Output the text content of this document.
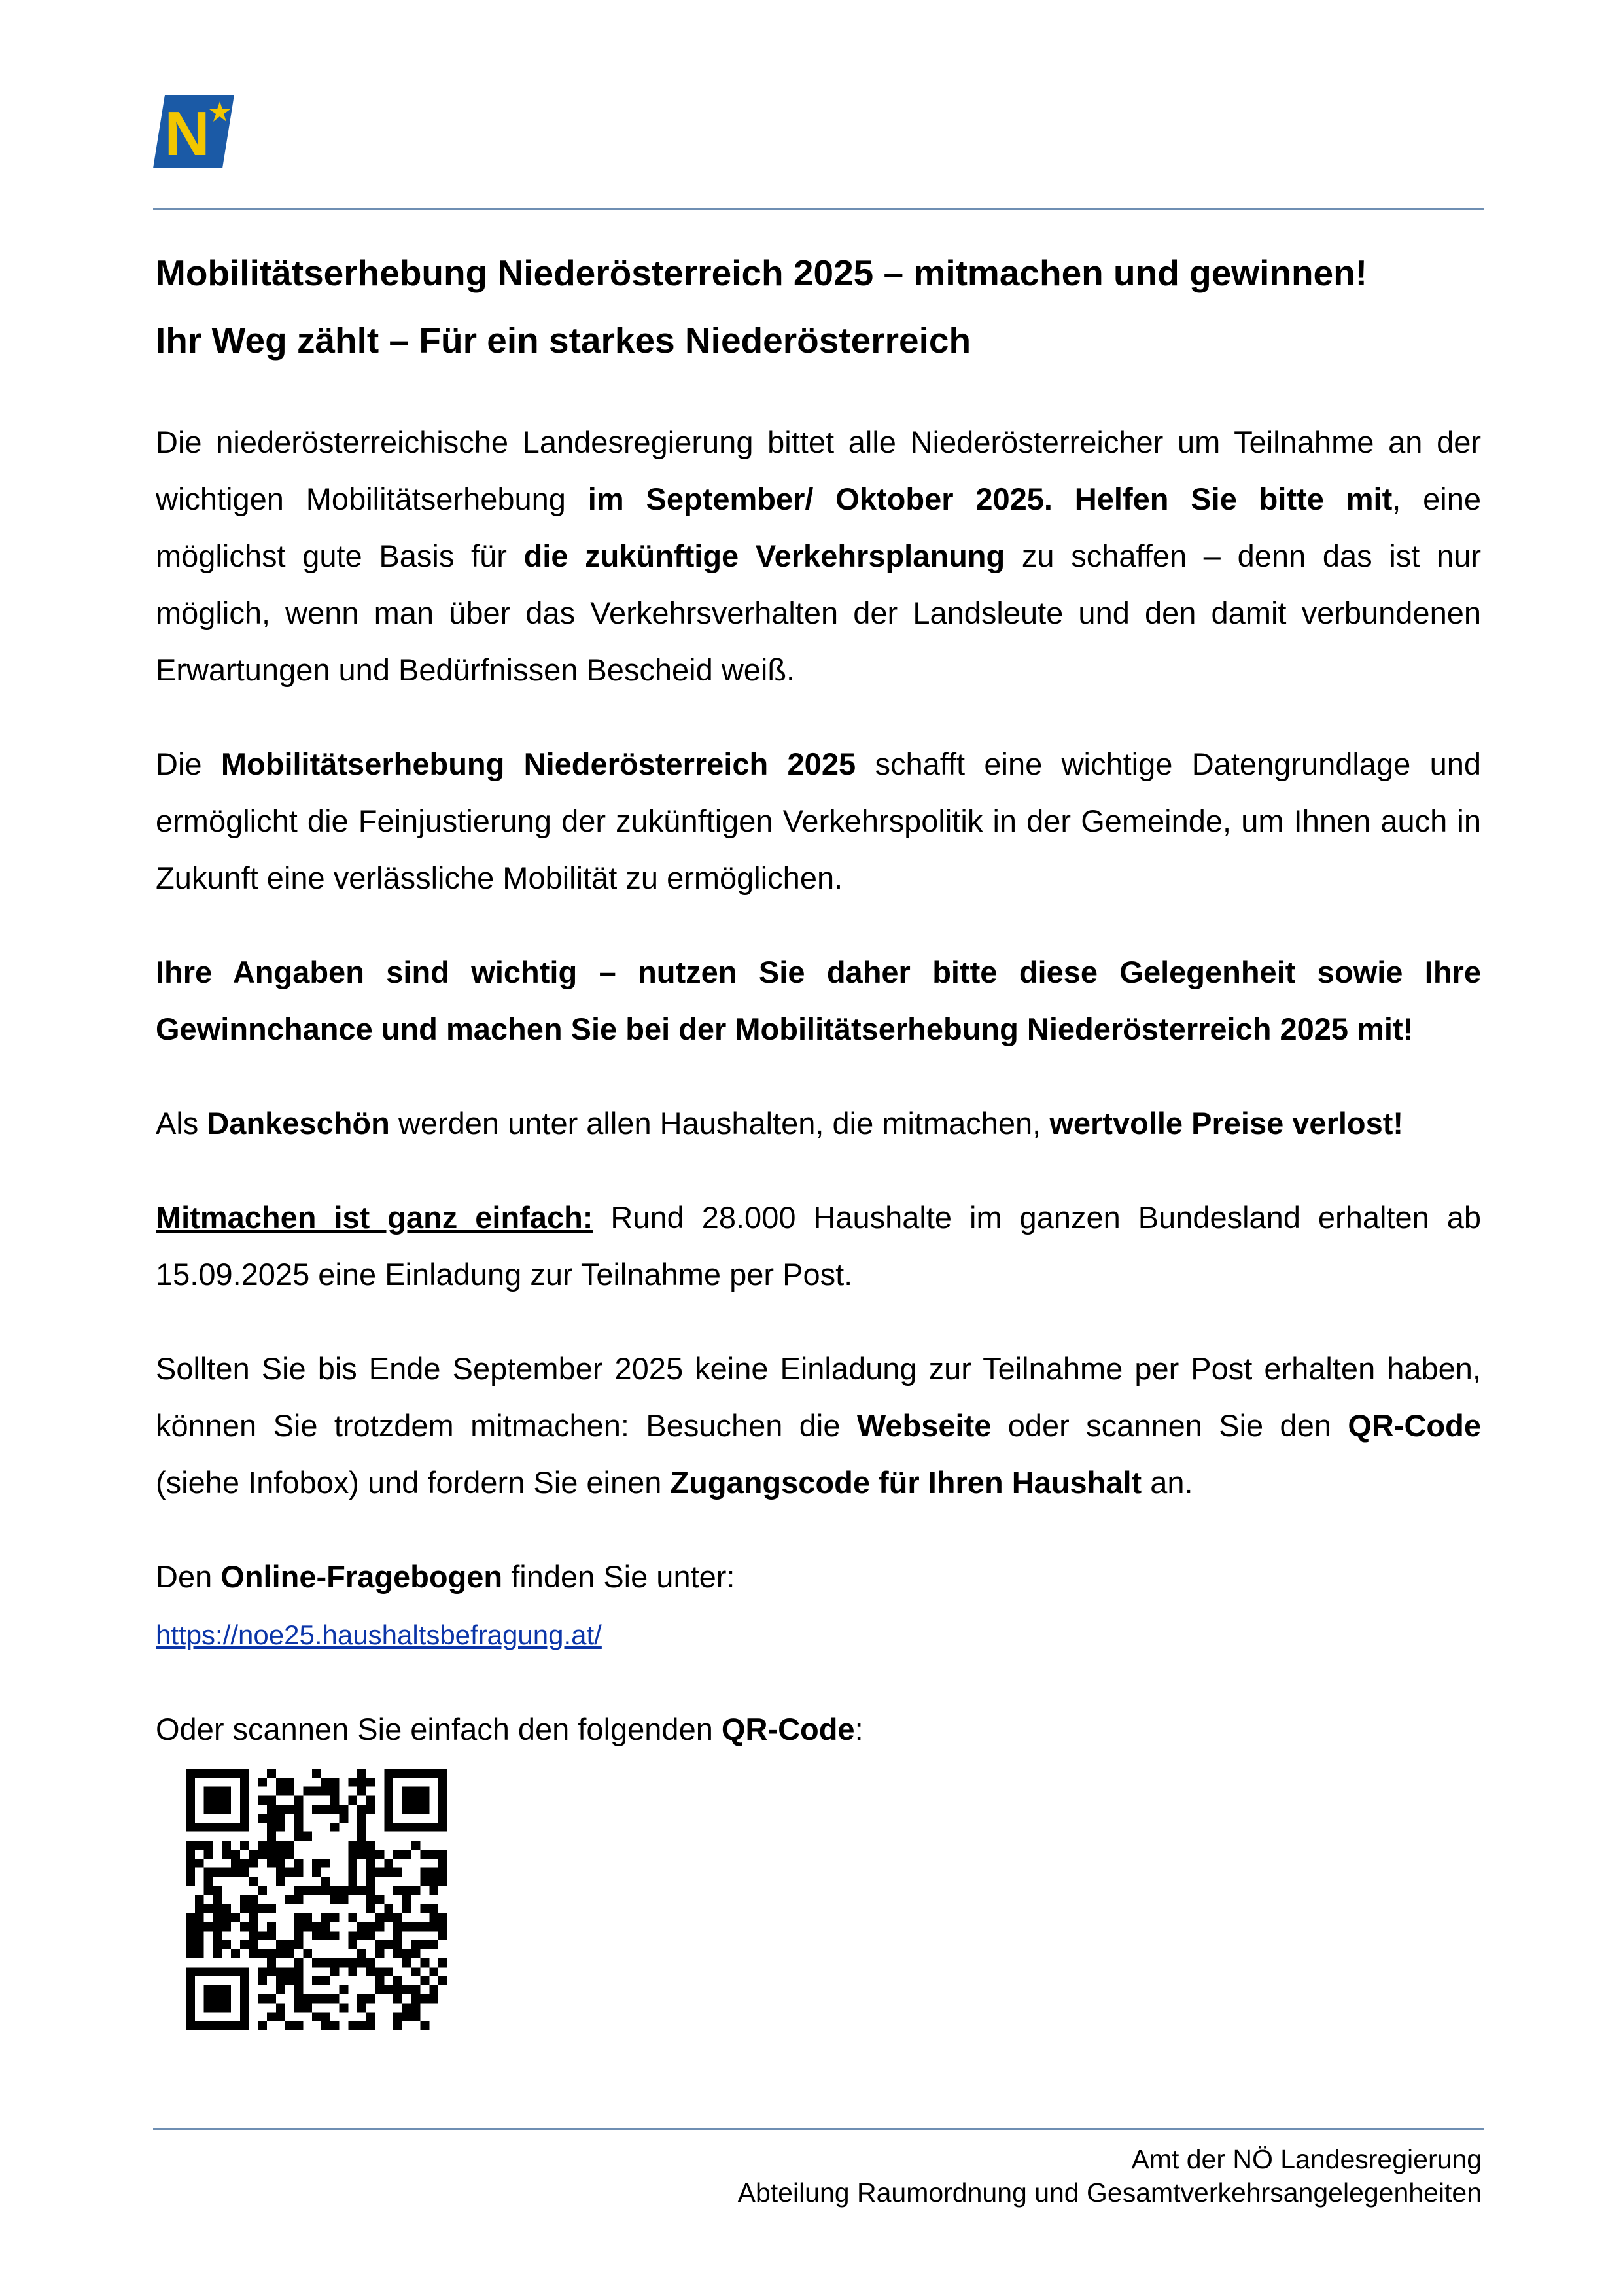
N
Mobilitätserhebung Niederösterreich 2025 – mitmachen und gewinnen!
Ihr Weg zählt – Für ein starkes Niederösterreich

Die niederösterreichische Landesregierung bittet alle Niederösterreicher um Teilnahme an der wichtigen Mobilitätserhebung im September/ Oktober 2025. Helfen Sie bitte mit, eine möglichst gute Basis für die zukünftige Verkehrsplanung zu schaffen – denn das ist nur möglich, wenn man über das Verkehrsverhalten der Landsleute und den damit verbundenen Erwartungen und Bedürfnissen Bescheid weiß.

Die Mobilitätserhebung Niederösterreich 2025 schafft eine wichtige Datengrundlage und ermöglicht die Feinjustierung der zukünftigen Verkehrspolitik in der Gemeinde, um Ihnen auch in Zukunft eine verlässliche Mobilität zu ermöglichen.

Ihre Angaben sind wichtig – nutzen Sie daher bitte diese Gelegenheit sowie Ihre Gewinnchance und machen Sie bei der Mobilitätserhebung Niederösterreich 2025 mit!

Als Dankeschön werden unter allen Haushalten, die mitmachen, wertvolle Preise verlost!

Mitmachen ist ganz einfach: Rund 28.000 Haushalte im ganzen Bundesland erhalten ab 15.09.2025 eine Einladung zur Teilnahme per Post.

Sollten Sie bis Ende September 2025 keine Einladung zur Teilnahme per Post erhalten haben, können Sie trotzdem mitmachen: Besuchen die Webseite oder scannen Sie den QR-Code (siehe Infobox) und fordern Sie einen Zugangscode für Ihren Haushalt an.

Den Online-Fragebogen finden Sie unter:
https://noe25.haushaltsbefragung.at/

Oder scannen Sie einfach den folgenden QR-Code:

Amt der NÖ Landesregierung
Abteilung Raumordnung und Gesamtverkehrsangelegenheiten
